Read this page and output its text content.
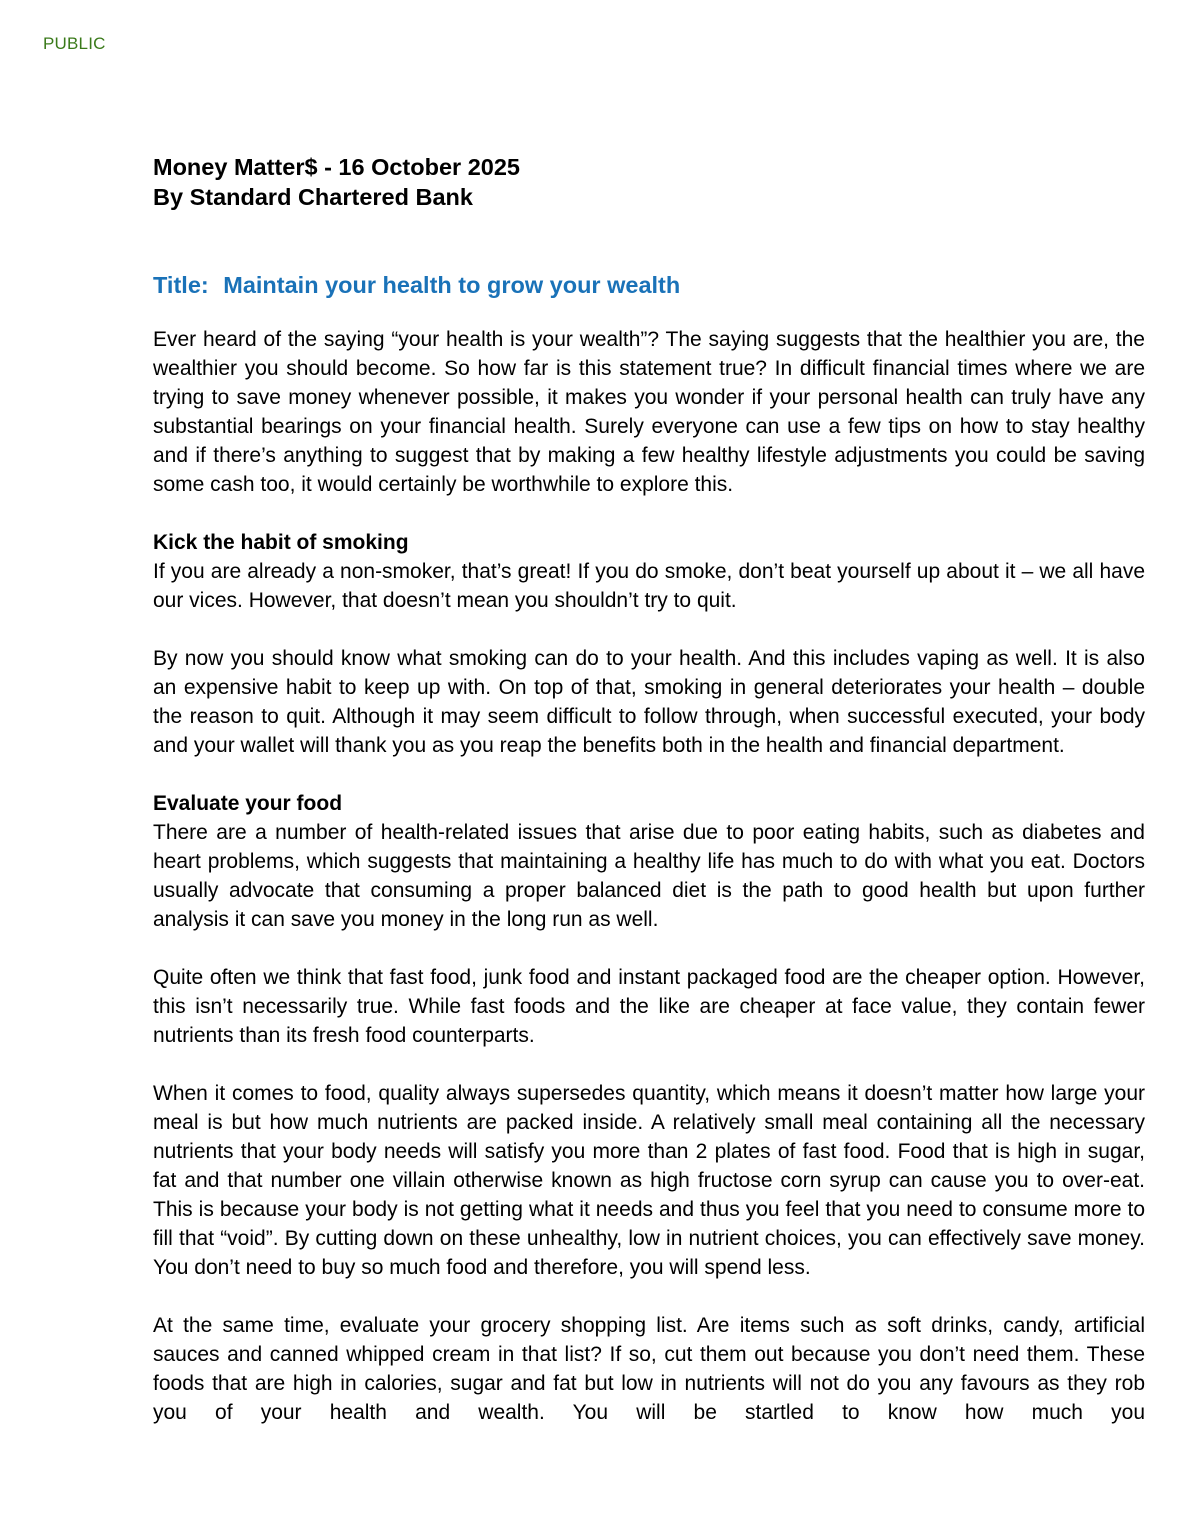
PUBLIC
Money Matter$ - 16 October 2025
By Standard Chartered Bank
Title: Maintain your health to grow your wealth

Ever heard of the saying “your health is your wealth”? The saying suggests that the healthier you are, the wealthier you should become. So how far is this statement true? In difficult financial times where we are trying to save money whenever possible, it makes you wonder if your personal health can truly have any substantial bearings on your financial health. Surely everyone can use a few tips on how to stay healthy and if there’s anything to suggest that by making a few healthy lifestyle adjustments you could be saving some cash too, it would certainly be worthwhile to explore this.

Kick the habit of smoking

If you are already a non-smoker, that’s great! If you do smoke, don’t beat yourself up about it – we all have our vices. However, that doesn’t mean you shouldn’t try to quit.

By now you should know what smoking can do to your health. And this includes vaping as well. It is also an expensive habit to keep up with. On top of that, smoking in general deteriorates your health – double the reason to quit. Although it may seem difficult to follow through, when successful executed, your body and your wallet will thank you as you reap the benefits both in the health and financial department.

Evaluate your food

There are a number of health-related issues that arise due to poor eating habits, such as diabetes and heart problems, which suggests that maintaining a healthy life has much to do with what you eat. Doctors usually advocate that consuming a proper balanced diet is the path to good health but upon further analysis it can save you money in the long run as well.

Quite often we think that fast food, junk food and instant packaged food are the cheaper option. However, this isn’t necessarily true. While fast foods and the like are cheaper at face value, they contain fewer nutrients than its fresh food counterparts.

When it comes to food, quality always supersedes quantity, which means it doesn’t matter how large your meal is but how much nutrients are packed inside. A relatively small meal containing all the necessary nutrients that your body needs will satisfy you more than 2 plates of fast food. Food that is high in sugar, fat and that number one villain otherwise known as high fructose corn syrup can cause you to over-eat. This is because your body is not getting what it needs and thus you feel that you need to consume more to fill that “void”. By cutting down on these unhealthy, low in nutrient choices, you can effectively save money. You don’t need to buy so much food and therefore, you will spend less.

At the same time, evaluate your grocery shopping list. Are items such as soft drinks, candy, artificial sauces and canned whipped cream in that list? If so, cut them out because you don’t need them. These foods that are high in calories, sugar and fat but low in nutrients will not do you any favours as they rob you of your health and wealth. You will be startled to know how much you
